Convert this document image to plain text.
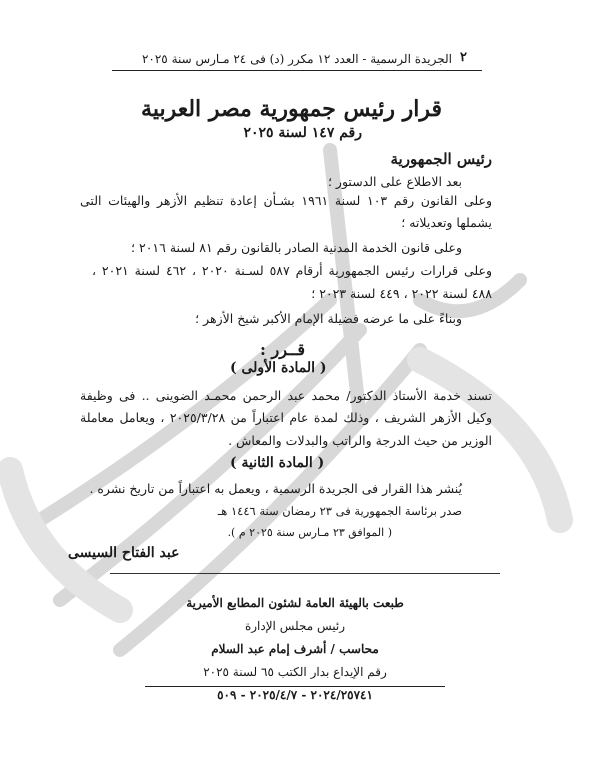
٢
الجريدة الرسمية - العدد ١٢ مكرر (د) فى ٢٤ مـارس سنة ٢٠٢٥
قرار رئيس جمهورية مصر العربية
رقم ١٤٧ لسنة ٢٠٢٥
رئيس الجمهورية
بعد الاطلاع على الدستور ؛
وعلى القانون رقم ١٠٣ لسنة ١٩٦١ بشـأن إعادة تنظيم الأزهر والهيئات التى
يشملها وتعديلاته ؛
وعلى قانون الخدمة المدنية الصادر بالقانون رقم ٨١ لسنة ٢٠١٦ ؛
وعلى قرارات رئيس الجمهورية أرقام ٥٨٧ لسـنة ٢٠٢٠ ، ٤٦٢ لسنة ٢٠٢١ ،
٤٨٨ لسنة ٢٠٢٢ ، ٤٤٩ لسنة ٢٠٢٣ ؛
وبناءً على ما عرضه فضيلة الإمام الأكبر شيخ الأزهر ؛
قــرر :
( المادة الأولى )
تسند خدمة الأستاذ الدكتور/ محمد عبد الرحمن محمـد الضوينى .. فى وظيفة
وكيل الأزهر الشريف ، وذلك لمدة عام اعتباراً من ٢٠٢٥/٣/٢٨ ، ويعامل معاملة
الوزير من حيث الدرجة والراتب والبدلات والمعاش .
( المادة الثانية )
يُنشر هذا القرار فى الجريدة الرسمية ، ويعمل به اعتباراً من تاريخ نشره .
صدر برئاسة الجمهورية فى ٢٣ رمضان سنة ١٤٤٦ هـ
( الموافق ٢٣ مـارس سنة ٢٠٢٥ م ).
عبد الفتاح السيسى
طبعت بالهيئة العامة لشئون المطابع الأميرية
رئيس مجلس الإدارة
محاسب / أشرف إمام عبد السلام
رقم الإيداع بدار الكتب ٦٥ لسنة ٢٠٢٥
٢٠٢٤/٢٥٧٤١ - ٢٠٢٥/٤/٧ - ٥٠٩
